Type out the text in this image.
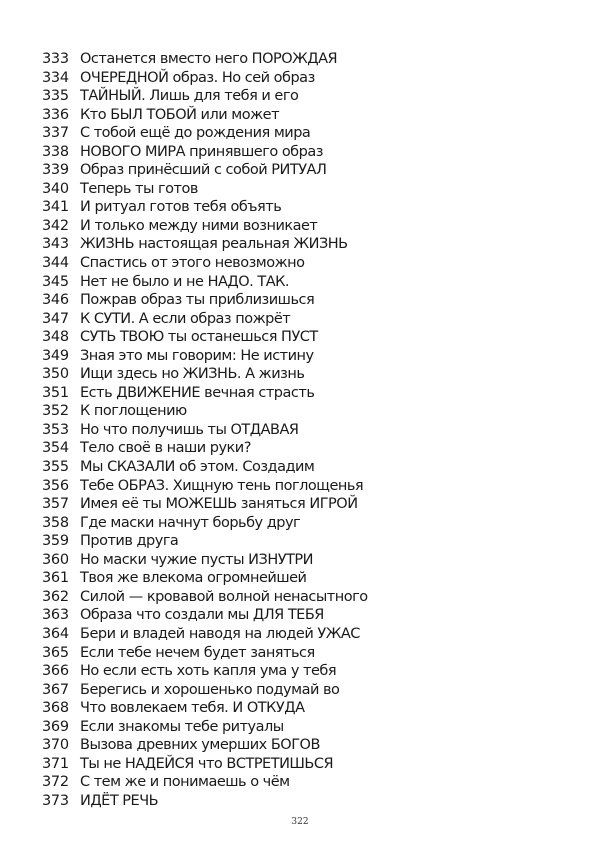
333 Останется вместо него ПОРОЖДАЯ
334 ОЧЕРЕДНОЙ образ. Но сей образ
335 ТАЙНЫЙ. Лишь для тебя и его
336 Кто БЫЛ ТОБОЙ или может
337 С тобой ещё до рождения мира
338 НОВОГО МИРА принявшего образ
339 Образ принёсший с собой РИТУАЛ
340 Теперь ты готов
341 И ритуал готов тебя объять
342 И только между ними возникает
343 ЖИЗНЬ настоящая реальная ЖИЗНЬ
344 Спастись от этого невозможно
345 Нет не было и не НАДО. ТАК.
346 Пожрав образ ты приблизишься
347 К СУТИ. А если образ пожрёт
348 СУТЬ ТВОЮ ты останешься ПУСТ
349 Зная это мы говорим: Не истину
350 Ищи здесь но ЖИЗНЬ. А жизнь
351 Есть ДВИЖЕНИЕ вечная страсть
352 К поглощению
353 Но что получишь ты ОТДАВАЯ
354 Тело своё в наши руки?
355 Мы СКАЗАЛИ об этом. Создадим
356 Тебе ОБРАЗ. Хищную тень поглощенья
357 Имея её ты МОЖЕШЬ заняться ИГРОЙ
358 Где маски начнут борьбу друг
359 Против друга
360 Но маски чужие пусты ИЗНУТРИ
361 Твоя же влекома огромнейшей
362 Силой — кровавой волной ненасытного
363 Образа что создали мы ДЛЯ ТЕБЯ
364 Бери и владей наводя на людей УЖАС
365 Если тебе нечем будет заняться
366 Но если есть хоть капля ума у тебя
367 Берегись и хорошенько подумай во
368 Что вовлекаем тебя. И ОТКУДА
369 Если знакомы тебе ритуалы
370 Вызова древних умерших БОГОВ
371 Ты не НАДЕЙСЯ что ВСТРЕТИШЬСЯ
372 С тем же и понимаешь о чём
373 ИДЁТ РЕЧЬ
322
